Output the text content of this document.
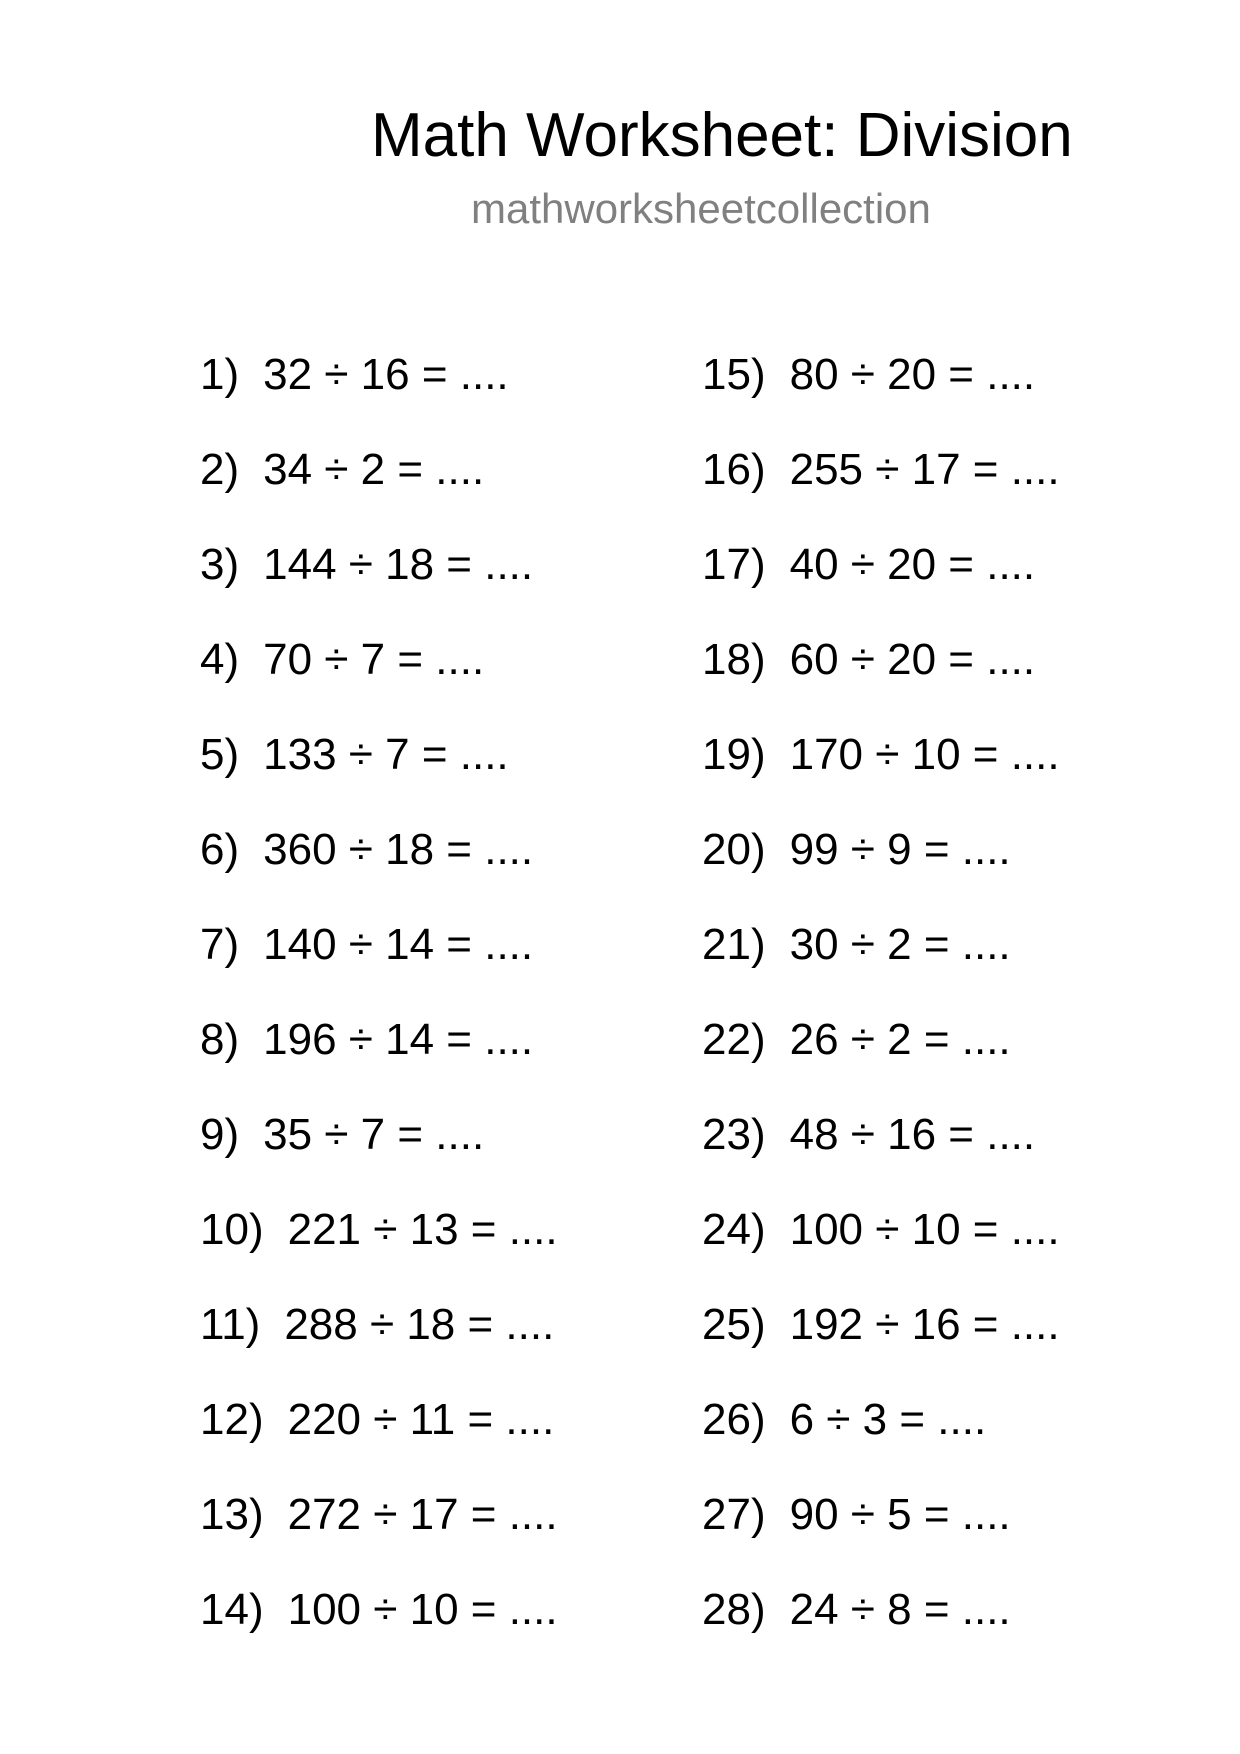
Math Worksheet: Division
mathworksheetcollection
1) 32 ÷ 16 = ....
2) 34 ÷ 2 = ....
3) 144 ÷ 18 = ....
4) 70 ÷ 7 = ....
5) 133 ÷ 7 = ....
6) 360 ÷ 18 = ....
7) 140 ÷ 14 = ....
8) 196 ÷ 14 = ....
9) 35 ÷ 7 = ....
10) 221 ÷ 13 = ....
11) 288 ÷ 18 = ....
12) 220 ÷ 11 = ....
13) 272 ÷ 17 = ....
14) 100 ÷ 10 = ....
15) 80 ÷ 20 = ....
16) 255 ÷ 17 = ....
17) 40 ÷ 20 = ....
18) 60 ÷ 20 = ....
19) 170 ÷ 10 = ....
20) 99 ÷ 9 = ....
21) 30 ÷ 2 = ....
22) 26 ÷ 2 = ....
23) 48 ÷ 16 = ....
24) 100 ÷ 10 = ....
25) 192 ÷ 16 = ....
26) 6 ÷ 3 = ....
27) 90 ÷ 5 = ....
28) 24 ÷ 8 = ....
